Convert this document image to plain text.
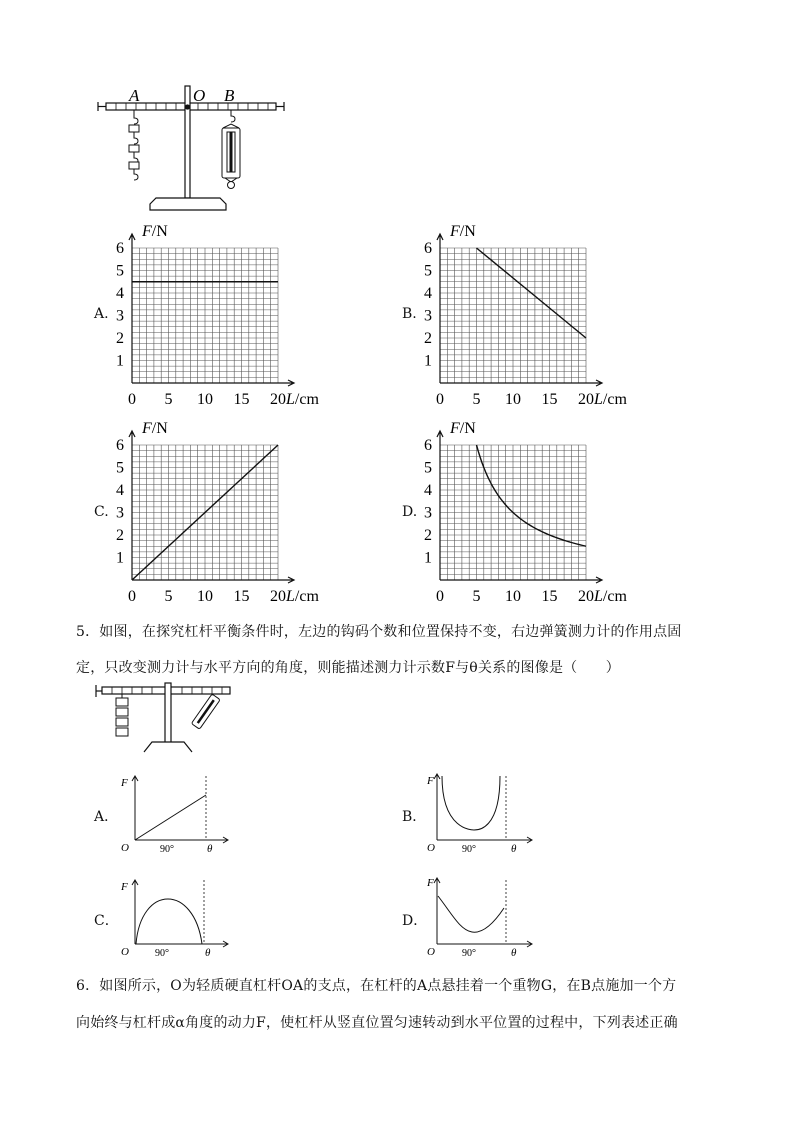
A	O B
A.	B.
C.	D.
1
2
3
4
5
6
0 5 10 15 20
F/N
L/cm
1
2
3
4
5
6
0 5 10 15 20
F/N
L/cm
1
2
3
4
5
6
0 5 10 15 20
F/N
L/cm
1
2
3
4
5
6
0 5 10 15 20
F/N
L/cm
5．如图，在探究杠杆平衡条件时，左边的钩码个数和位置保持不变，右边弹簧测力计的作用点固
定，只改变测力计与水平方向的角度，则能描述测力计示数F与θ关系的图像是（　　）
A．	B．
C．	D．
F
O	90°	θ
F
O	90°	θ
F
O	90°	θ
F
O	90°	θ
6．如图所示，O为轻质硬直杠杆OA的支点，在杠杆的A点悬挂着一个重物G，在B点施加一个方
向始终与杠杆成α角度的动力F，使杠杆从竖直位置匀速转动到水平位置的过程中，下列表述正确
